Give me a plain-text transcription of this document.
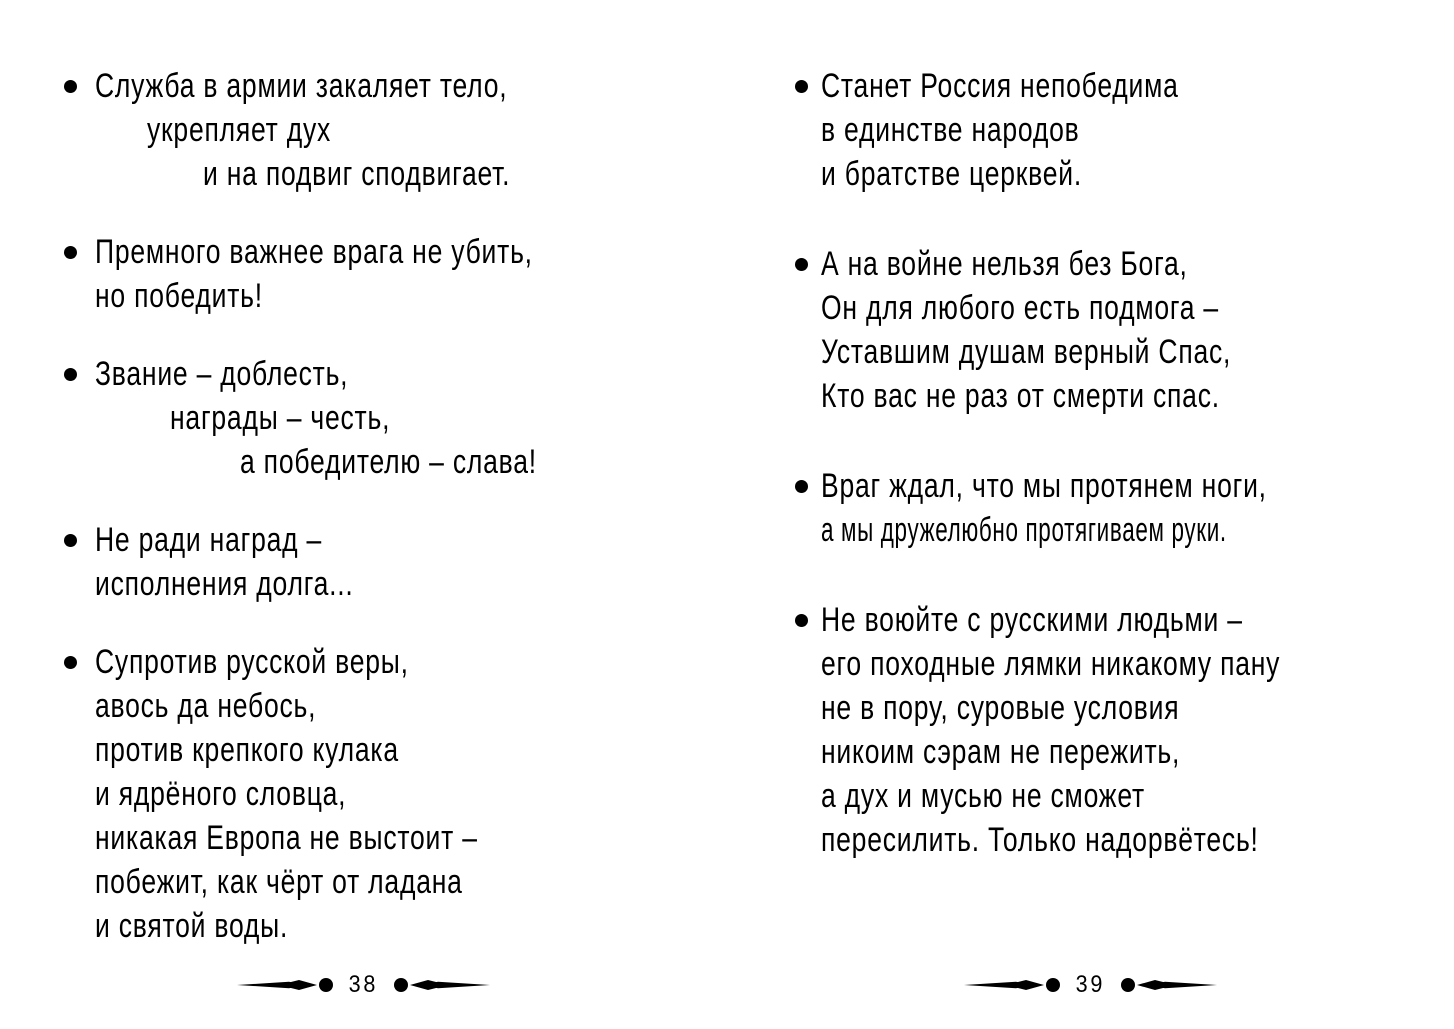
Служба в армии закаляет тело,
укрепляет дух
и на подвиг сподвигает.
Премного важнее врага не убить,
но победить!
Звание – доблесть,
награды – честь,
а победителю – слава!
Не ради наград –
исполнения долга...
Супротив русской веры,
авось да небось,
против крепкого кулака
и ядрёного словца,
никакая Европа не выстоит –
побежит, как чёрт от ладана
и святой воды.
38
Станет Россия непобедима
в единстве народов
и братстве церквей.
А на войне нельзя без Бога,
Он для любого есть подмога –
Уставшим душам верный Спас,
Кто вас не раз от смерти спас.
Враг ждал, что мы протянем ноги,
а мы дружелюбно протягиваем руки.
Не воюйте с русскими людьми –
его походные лямки никакому пану
не в пору, суровые условия
никоим сэрам не пережить,
а дух и мусью не сможет
пересилить. Только надорвётесь!
39
